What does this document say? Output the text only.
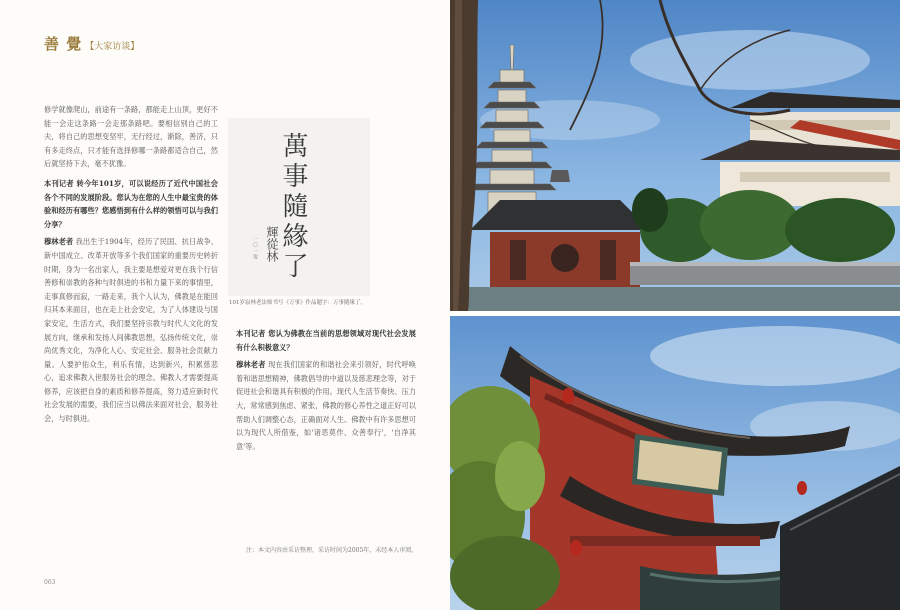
善 覺 【大家访谈】

修学就像爬山，前途有一条路，都能走上山顶，更好不能一会走这条路一会走那条路吧。要相信别自己的工夫，将自己的思想变坚牢，无行经过，渐除，善济，只有多走终点，只才能有选择修哪一条路都适合自己，然后就坚持下去，毫不犹豫。

本刊记者 转今年101岁，可以说经历了近代中国社会各个不同的发展阶段。您认为在您的人生中最宝贵的体验和经历有哪些？您感悟到有什么样的领悟可以与我们分享？

穆林老者 我出生于1904年，经历了民国、抗日战争、新中国成立、改革开放等多个我们国家的重要历史转折时期，身为一名出家人，我主要是想爱对更在我个行信善修和崇教的各种与时俱进的书和力量下来的事情里，走事真修而寂，一路走来，我个人认为，佛教是在能回归其本来面目，也在走上社会安定，为了人体建设与国家安定，生活方式，我们要坚持宗教与时代人文化的发展方向，继承和发扬人间佛教思想，弘扬传统文化，崇尚优秀文化，为净化人心、安定社会、服务社会贡献力量。人要护佑众生，利乐有情，达到新兴，积累慈悲心，追求佛教入世服务社会的理念。佛教人才需要提高修养，应该把自身的素质和修养提高，努力适应新时代社会发展的需要，我们应当以佛法来面对社会，服务社会，与时俱进。

萬事隨緣了
輝從林
一〇一叟
101岁寂林老法师书写《万事》作品题字：万事随缘了。

本刊记者 您认为佛教在当前的思想领域对现代社会发展有什么积极意义？

穆林老者 现在我们国家的和谐社会来引领好，时代呼唤着和谐思想精神，佛教倡导的中道以及慈悲理念等，对于促进社会和谐具有积极的作用。现代人生活节奏快、压力大，常常感到焦虑、紧张，佛教的修心养性之道正好可以帮助人们调整心态，正确面对人生。佛教中有许多思想可以为现代人所借鉴，如'诸恶莫作、众善奉行'，'自净其意'等。

注：本文内容由采访整理，采访时间为2005年，未经本人审阅。
063
